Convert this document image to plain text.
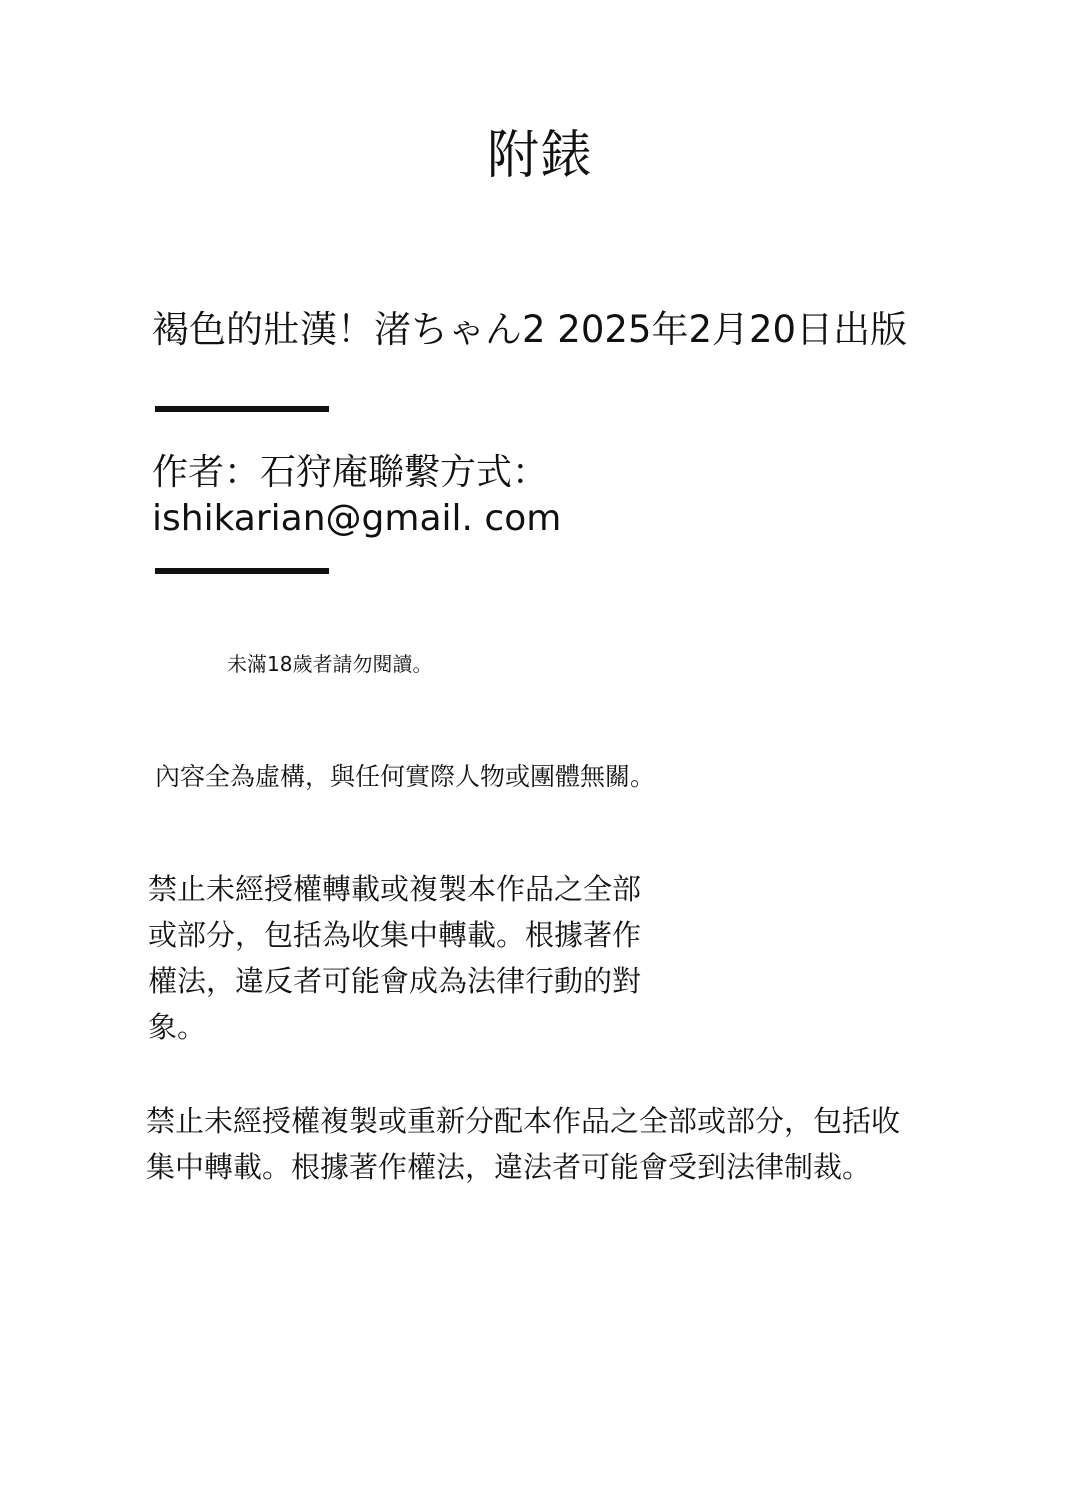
附錶
褐色的壯漢！渚ちゃん2 2025年2月20日出版
作者：石狩庵聯繫方式：
ishikarian@gmail. com
未滿18歲者請勿閱讀。
內容全為虛構，與任何實際人物或團體無關。
禁止未經授權轉載或複製本作品之全部
或部分，包括為收集中轉載。根據著作
權法，違反者可能會成為法律行動的對
象。
禁止未經授權複製或重新分配本作品之全部或部分，包括收
集中轉載。根據著作權法，違法者可能會受到法律制裁。
